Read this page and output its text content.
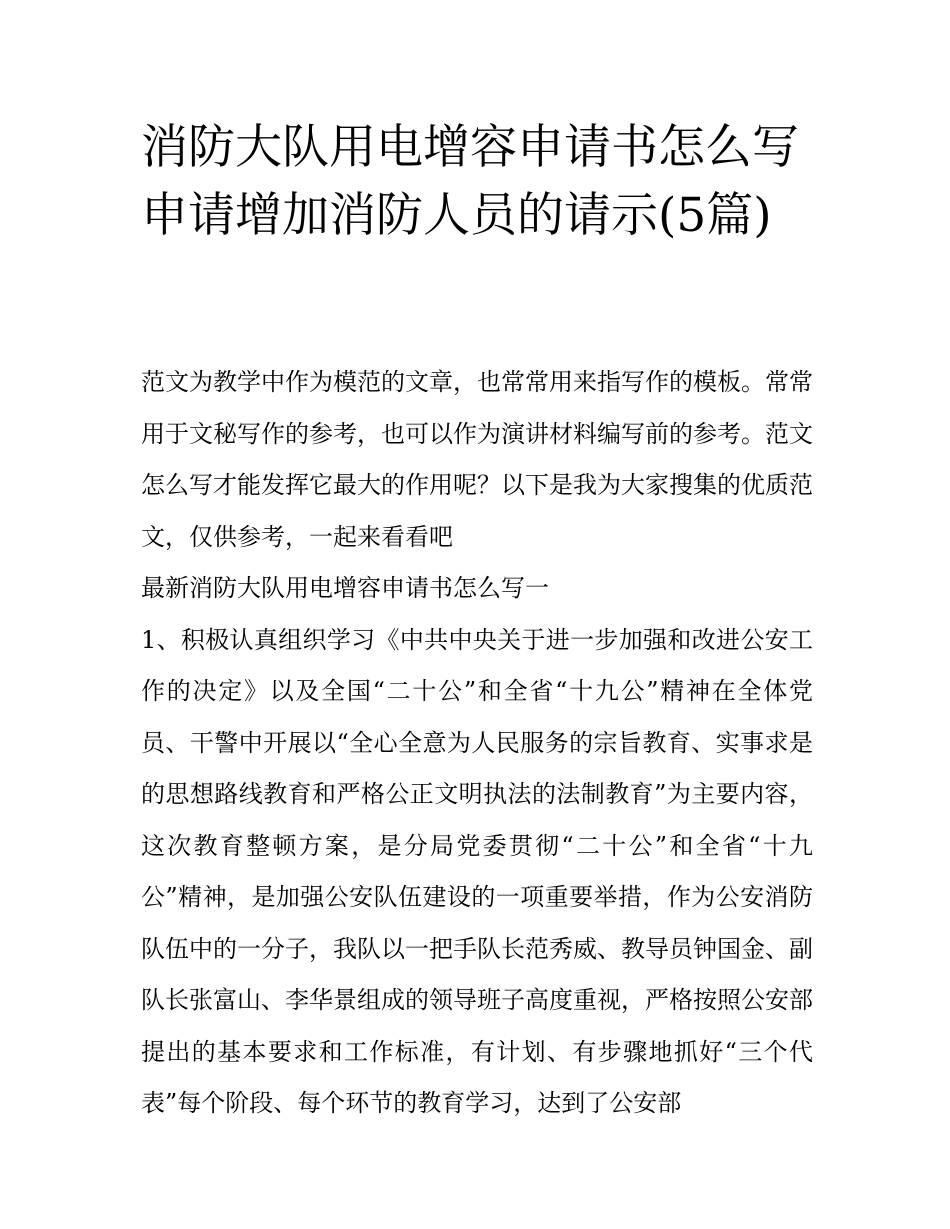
消防大队用电增容申请书怎么写 申请增加消防人员的请示(5篇)

范文为教学中作为模范的文章，也常常用来指写作的模板。常常用于文秘写作的参考，也可以作为演讲材料编写前的参考。范文怎么写才能发挥它最大的作用呢？以下是我为大家搜集的优质范文，仅供参考，一起来看看吧

最新消防大队用电增容申请书怎么写一

1、积极认真组织学习《中共中央关于进一步加强和改进公安工作的决定》以及全国“二十公”和全省“十九公”精神在全体党员、干警中开展以“全心全意为人民服务的宗旨教育、实事求是的思想路线教育和严格公正文明执法的法制教育”为主要内容，这次教育整顿方案，是分局党委贯彻“二十公”和全省“十九公”精神，是加强公安队伍建设的一项重要举措，作为公安消防队伍中的一分子，我队以一把手队长范秀威、教导员钟国金、副队长张富山、李华景组成的领导班子高度重视，严格按照公安部提出的基本要求和工作标准，有计划、有步骤地抓好“三个代表”每个阶段、每个环节的教育学习，达到了公安部
